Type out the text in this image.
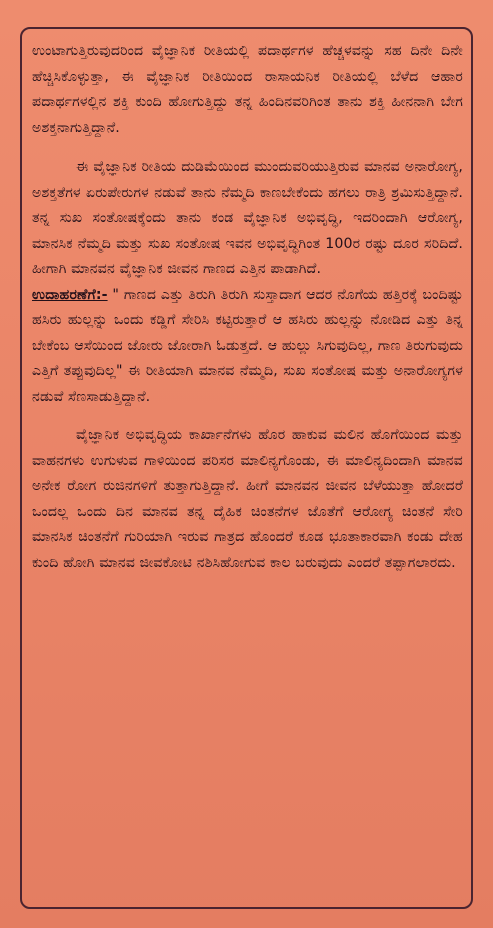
ಉಂಟಾಗುತ್ತಿರುವುದರಿಂದ ವೈಜ್ಞಾನಿಕ ರೀತಿಯಲ್ಲಿ ಪದಾರ್ಥಗಳ ಹೆಚ್ಚಳವನ್ನು ಸಹ ದಿನೇ ದಿನೇ ಹೆಚ್ಚಿಸಿಕೊಳ್ಳುತ್ತಾ, ಈ ವೈಜ್ಞಾನಿಕ ರೀತಿಯಿಂದ ರಾಸಾಯನಿಕ ರೀತಿಯಲ್ಲಿ ಬೆಳೆದ ಆಹಾರ ಪದಾರ್ಥಗಳಲ್ಲಿನ ಶಕ್ತಿ ಕುಂದಿ ಹೋಗುತ್ತಿದ್ದು ತನ್ನ ಹಿಂದಿನವರಿಗಿಂತ ತಾನು ಶಕ್ತಿ ಹೀನನಾಗಿ ಬೇಗ ಅಶಕ್ತನಾಗುತ್ತಿದ್ದಾನೆ.

ಈ ವೈಜ್ಞಾನಿಕ ರೀತಿಯ ದುಡಿಮೆಯಿಂದ ಮುಂದುವರಿಯುತ್ತಿರುವ ಮಾನವ ಅನಾರೋಗ್ಯ, ಅಶಕ್ತತೆಗಳ ಏರುಪೇರುಗಳ ನಡುವೆ ತಾನು ನೆಮ್ಮದಿ ಕಾಣಬೇಕೆಂದು ಹಗಲು ರಾತ್ರಿ ಶ್ರಮಿಸುತ್ತಿದ್ದಾನೆ. ತನ್ನ ಸುಖ ಸಂತೋಷಕ್ಕೆಂದು ತಾನು ಕಂಡ ವೈಜ್ಞಾನಿಕ ಅಭಿವೃದ್ಧಿ, ಇದರಿಂದಾಗಿ ಆರೋಗ್ಯ, ಮಾನಸಿಕ ನೆಮ್ಮದಿ ಮತ್ತು ಸುಖ ಸಂತೋಷ ಇವನ ಅಭಿವೃದ್ಧಿಗಿಂತ 100ರ ರಷ್ಟು ದೂರ ಸರಿದಿದೆ. ಹೀಗಾಗಿ ಮಾನವನ ವೈಜ್ಞಾನಿಕ ಜೀವನ ಗಾಣದ ಎತ್ತಿನ ಪಾಡಾಗಿದೆ.

ಉದಾಹರಣೆಗೆ:- " ಗಾಣದ ಎತ್ತು ತಿರುಗಿ ತಿರುಗಿ ಸುಸ್ತಾದಾಗ ಆದರ ನೊಗೆಯ ಹತ್ತಿರಕ್ಕೆ ಬಂದಿಷ್ಟು ಹಸಿರು ಹುಲ್ಲನ್ನು ಒಂದು ಕಡ್ಡಿಗೆ ಸೇರಿಸಿ ಕಟ್ಟಿರುತ್ತಾರೆ ಆ ಹಸಿರು ಹುಲ್ಲನ್ನು ನೋಡಿದ ಎತ್ತು ತಿನ್ನ ಬೇಕೆಂಬ ಆಸೆಯಿಂದ ಜೋರು ಜೋರಾಗಿ ಓಡುತ್ತದೆ. ಆ ಹುಲ್ಲು ಸಿಗುವುದಿಲ್ಲ, ಗಾಣ ತಿರುಗುವುದು ಎತ್ತಿಗೆ ತಪ್ಪುವುದಿಲ್ಲ" ಈ ರೀತಿಯಾಗಿ ಮಾನವ ನೆಮ್ಮದಿ, ಸುಖ ಸಂತೋಷ ಮತ್ತು ಅನಾರೋಗ್ಯಗಳ ನಡುವೆ ಸೆಣಸಾಡುತ್ತಿದ್ದಾನೆ.

ವೈಜ್ಞಾನಿಕ ಅಭಿವೃದ್ಧಿಯ ಕಾರ್ಖಾನೆಗಳು ಹೊರ ಹಾಕುವ ಮಲಿನ ಹೊಗೆಯಿಂದ ಮತ್ತು ವಾಹನಗಳು ಉಗುಳುವ ಗಾಳಿಯಿಂದ ಪರಿಸರ ಮಾಲಿನ್ಯಗೊಂಡು, ಈ ಮಾಲಿನ್ಯದಿಂದಾಗಿ ಮಾನವ ಅನೇಕ ರೋಗ ರುಜಿನಗಳಿಗೆ ತುತ್ತಾಗುತ್ತಿದ್ದಾನೆ. ಹೀಗೆ ಮಾನವನ ಜೀವನ ಬೆಳೆಯುತ್ತಾ ಹೋದರೆ ಒಂದಲ್ಲ ಒಂದು ದಿನ ಮಾನವ ತನ್ನ ದೈಹಿಕ ಚಿಂತನೆಗಳ ಜೊತೆಗೆ ಆರೋಗ್ಯ ಚಿಂತನೆ ಸೇರಿ ಮಾನಸಿಕ ಚಿಂತನೆಗೆ ಗುರಿಯಾಗಿ ಇರುವ ಗಾತ್ರದ ಹೊಂದರೆ ಕೂಡ ಭೂತಾಕಾರವಾಗಿ ಕಂಡು ದೇಹ ಕುಂದಿ ಹೋಗಿ ಮಾನವ ಜೀವಕೋಟಿ ನಶಿಸಿಹೋಗುವ ಕಾಲ ಬರುವುದು ಎಂದರೆ ತಪ್ಪಾಗಲಾರದು.
